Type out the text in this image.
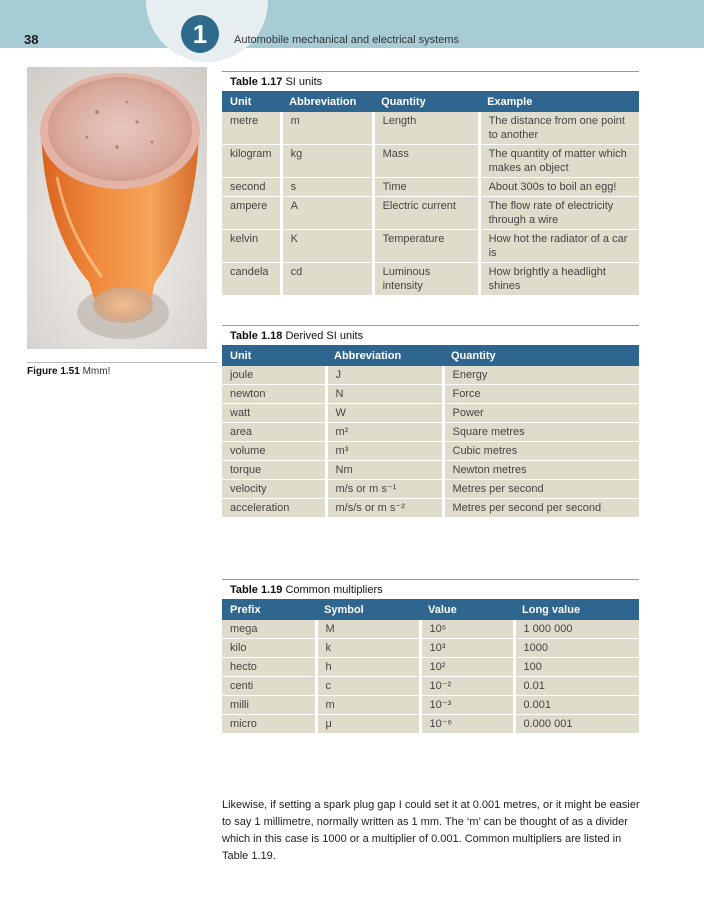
1
38	Automobile mechanical and electrical systems
Figure 1.51 Mmm!
Table 1.17 SI units
Unit	Abbreviation	Quantity	Example
metre	m	Length	The distance from one point to another
kilogram	kg	Mass	The quantity of matter which makes an object
second	s	Time	About 300s to boil an egg!
ampere	A	Electric current	The flow rate of electricity through a wire
kelvin	K	Temperature	How hot the radiator of a car is
candela	cd	Luminous intensity	How brightly a headlight shines
Table 1.18 Derived SI units
Unit	Abbreviation	Quantity
joule	J	Energy
newton	N	Force
watt	W	Power
area	m²	Square metres
volume	m³	Cubic metres
torque	Nm	Newton metres
velocity	m/s or m s⁻¹	Metres per second
acceleration	m/s/s or m s⁻²	Metres per second per second
Table 1.19 Common multipliers
Prefix	Symbol	Value	Long value
mega	M	10⁶	1 000 000
kilo	k	10³	1000
hecto	h	10²	100
centi	c	10⁻²	0.01
milli	m	10⁻³	0.001
micro	μ	10⁻⁶	0.000 001

Likewise, if setting a spark plug gap I could set it at 0.001 metres, or it might be easier to say 1 millimetre, normally written as 1 mm. The ‘m’ can be thought of as a divider which in this case is 1000 or a multiplier of 0.001. Common multipliers are listed in Table 1.19.
